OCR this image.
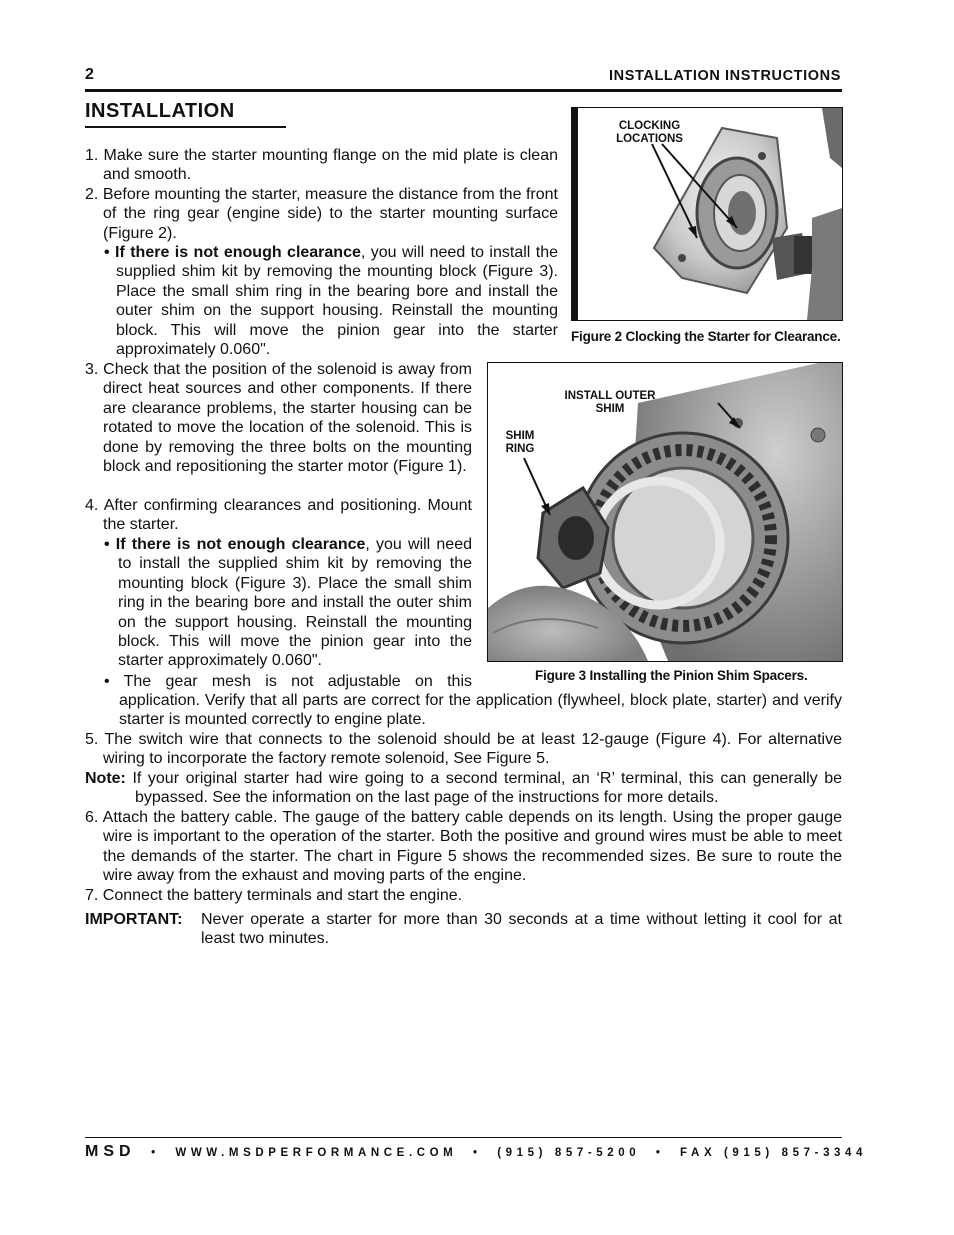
2	INSTALLATION INSTRUCTIONS
INSTALLATION
CLOCKING
LOCATIONS
Figure 2 Clocking the Starter for Clearance.
INSTALL OUTER
SHIM
SHIM
RING
Figure 3 Installing the Pinion Shim Spacers.
1. Make sure the starter mounting flange on the mid plate is clean and smooth.
2. Before mounting the starter, measure the distance from the front of the ring gear (engine side) to the starter mounting surface (Figure 2).
• If there is not enough clearance, you will need to install the supplied shim kit by removing the mounting block (Figure 3). Place the small shim ring in the bearing bore and install the outer shim on the support housing. Reinstall the mounting block. This will move the pinion gear into the starter approximately 0.060".
3. Check that the position of the solenoid is away from direct heat sources and other components. If there are clearance problems, the starter housing can be rotated to move the location of the solenoid. This is done by removing the three bolts on the mounting block and repositioning the starter motor (Figure 1).
4. After confirming clearances and positioning. Mount the starter.
• If there is not enough clearance, you will need to install the supplied shim kit by removing the mounting block (Figure 3). Place the small shim ring in the bearing bore and install the outer shim on the support housing. Reinstall the mounting block. This will move the pinion gear into the starter approximately 0.060".
• The gear mesh is not adjustable on this
application. Verify that all parts are correct for the application (flywheel, block plate, starter) and verify starter is mounted correctly to engine plate.
5. The switch wire that connects to the solenoid should be at least 12-gauge (Figure 4). For alternative wiring to incorporate the factory remote solenoid, See Figure 5.
Note: If your original starter had wire going to a second terminal, an ‘R’ terminal, this can generally be bypassed. See the information on the last page of the instructions for more details.
6. Attach the battery cable. The gauge of the battery cable depends on its length. Using the proper gauge wire is important to the operation of the starter. Both the positive and ground wires must be able to meet the demands of the starter. The chart in Figure 5 shows the recommended sizes. Be sure to route the wire away from the exhaust and moving parts of the engine.
7. Connect the battery terminals and start the engine.
IMPORTANT:	Never operate a starter for more than 30 seconds at a time without letting it cool for at least two minutes.
MSD  •  WWW.MSDPERFORMANCE.COM  •  (915) 857-5200  •  FAX (915) 857-3344
